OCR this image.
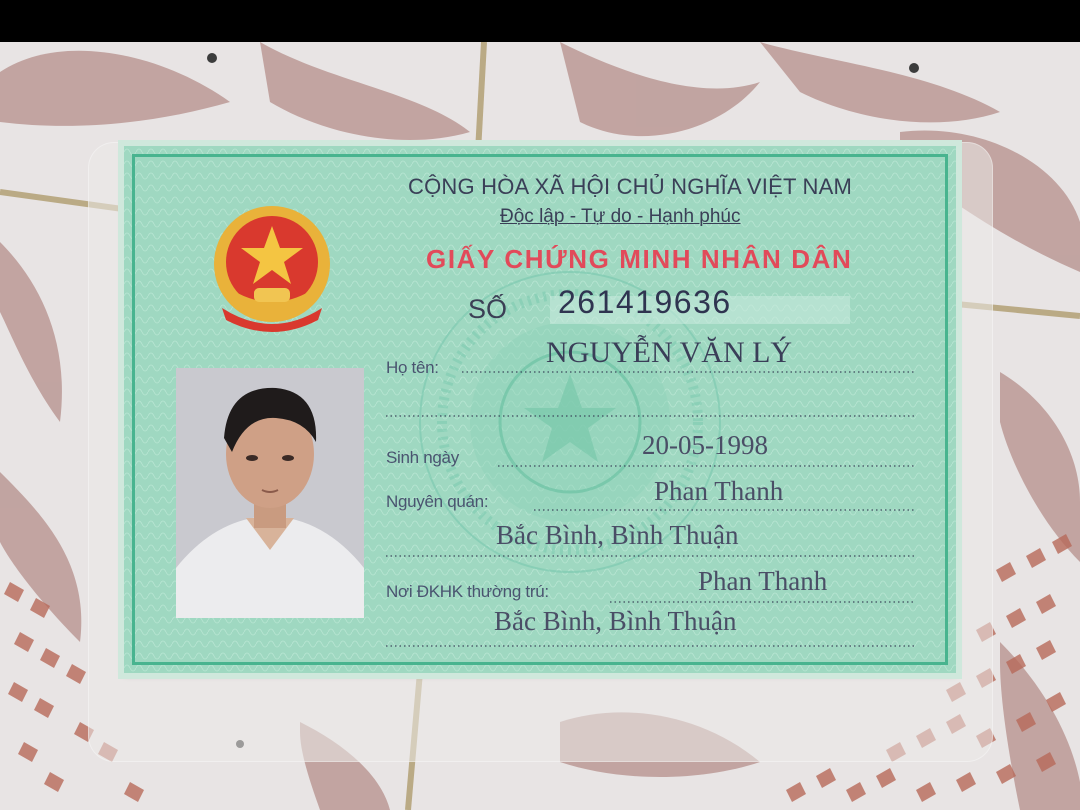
CỘNG HÒA XÃ HỘI CHỦ NGHĨA VIỆT NAM
Độc lập - Tự do - Hạnh phúc
GIẤY CHỨNG MINH NHÂN DÂN
SỐ 261419636
Họ tên:	NGUYỄN VĂN LÝ
Sinh ngày	20-05-1998
Nguyên quán:	Phan Thanh
Bắc Bình, Bình Thuận
Nơi ĐKHK thường trú:	Phan Thanh
Bắc Bình, Bình Thuận
